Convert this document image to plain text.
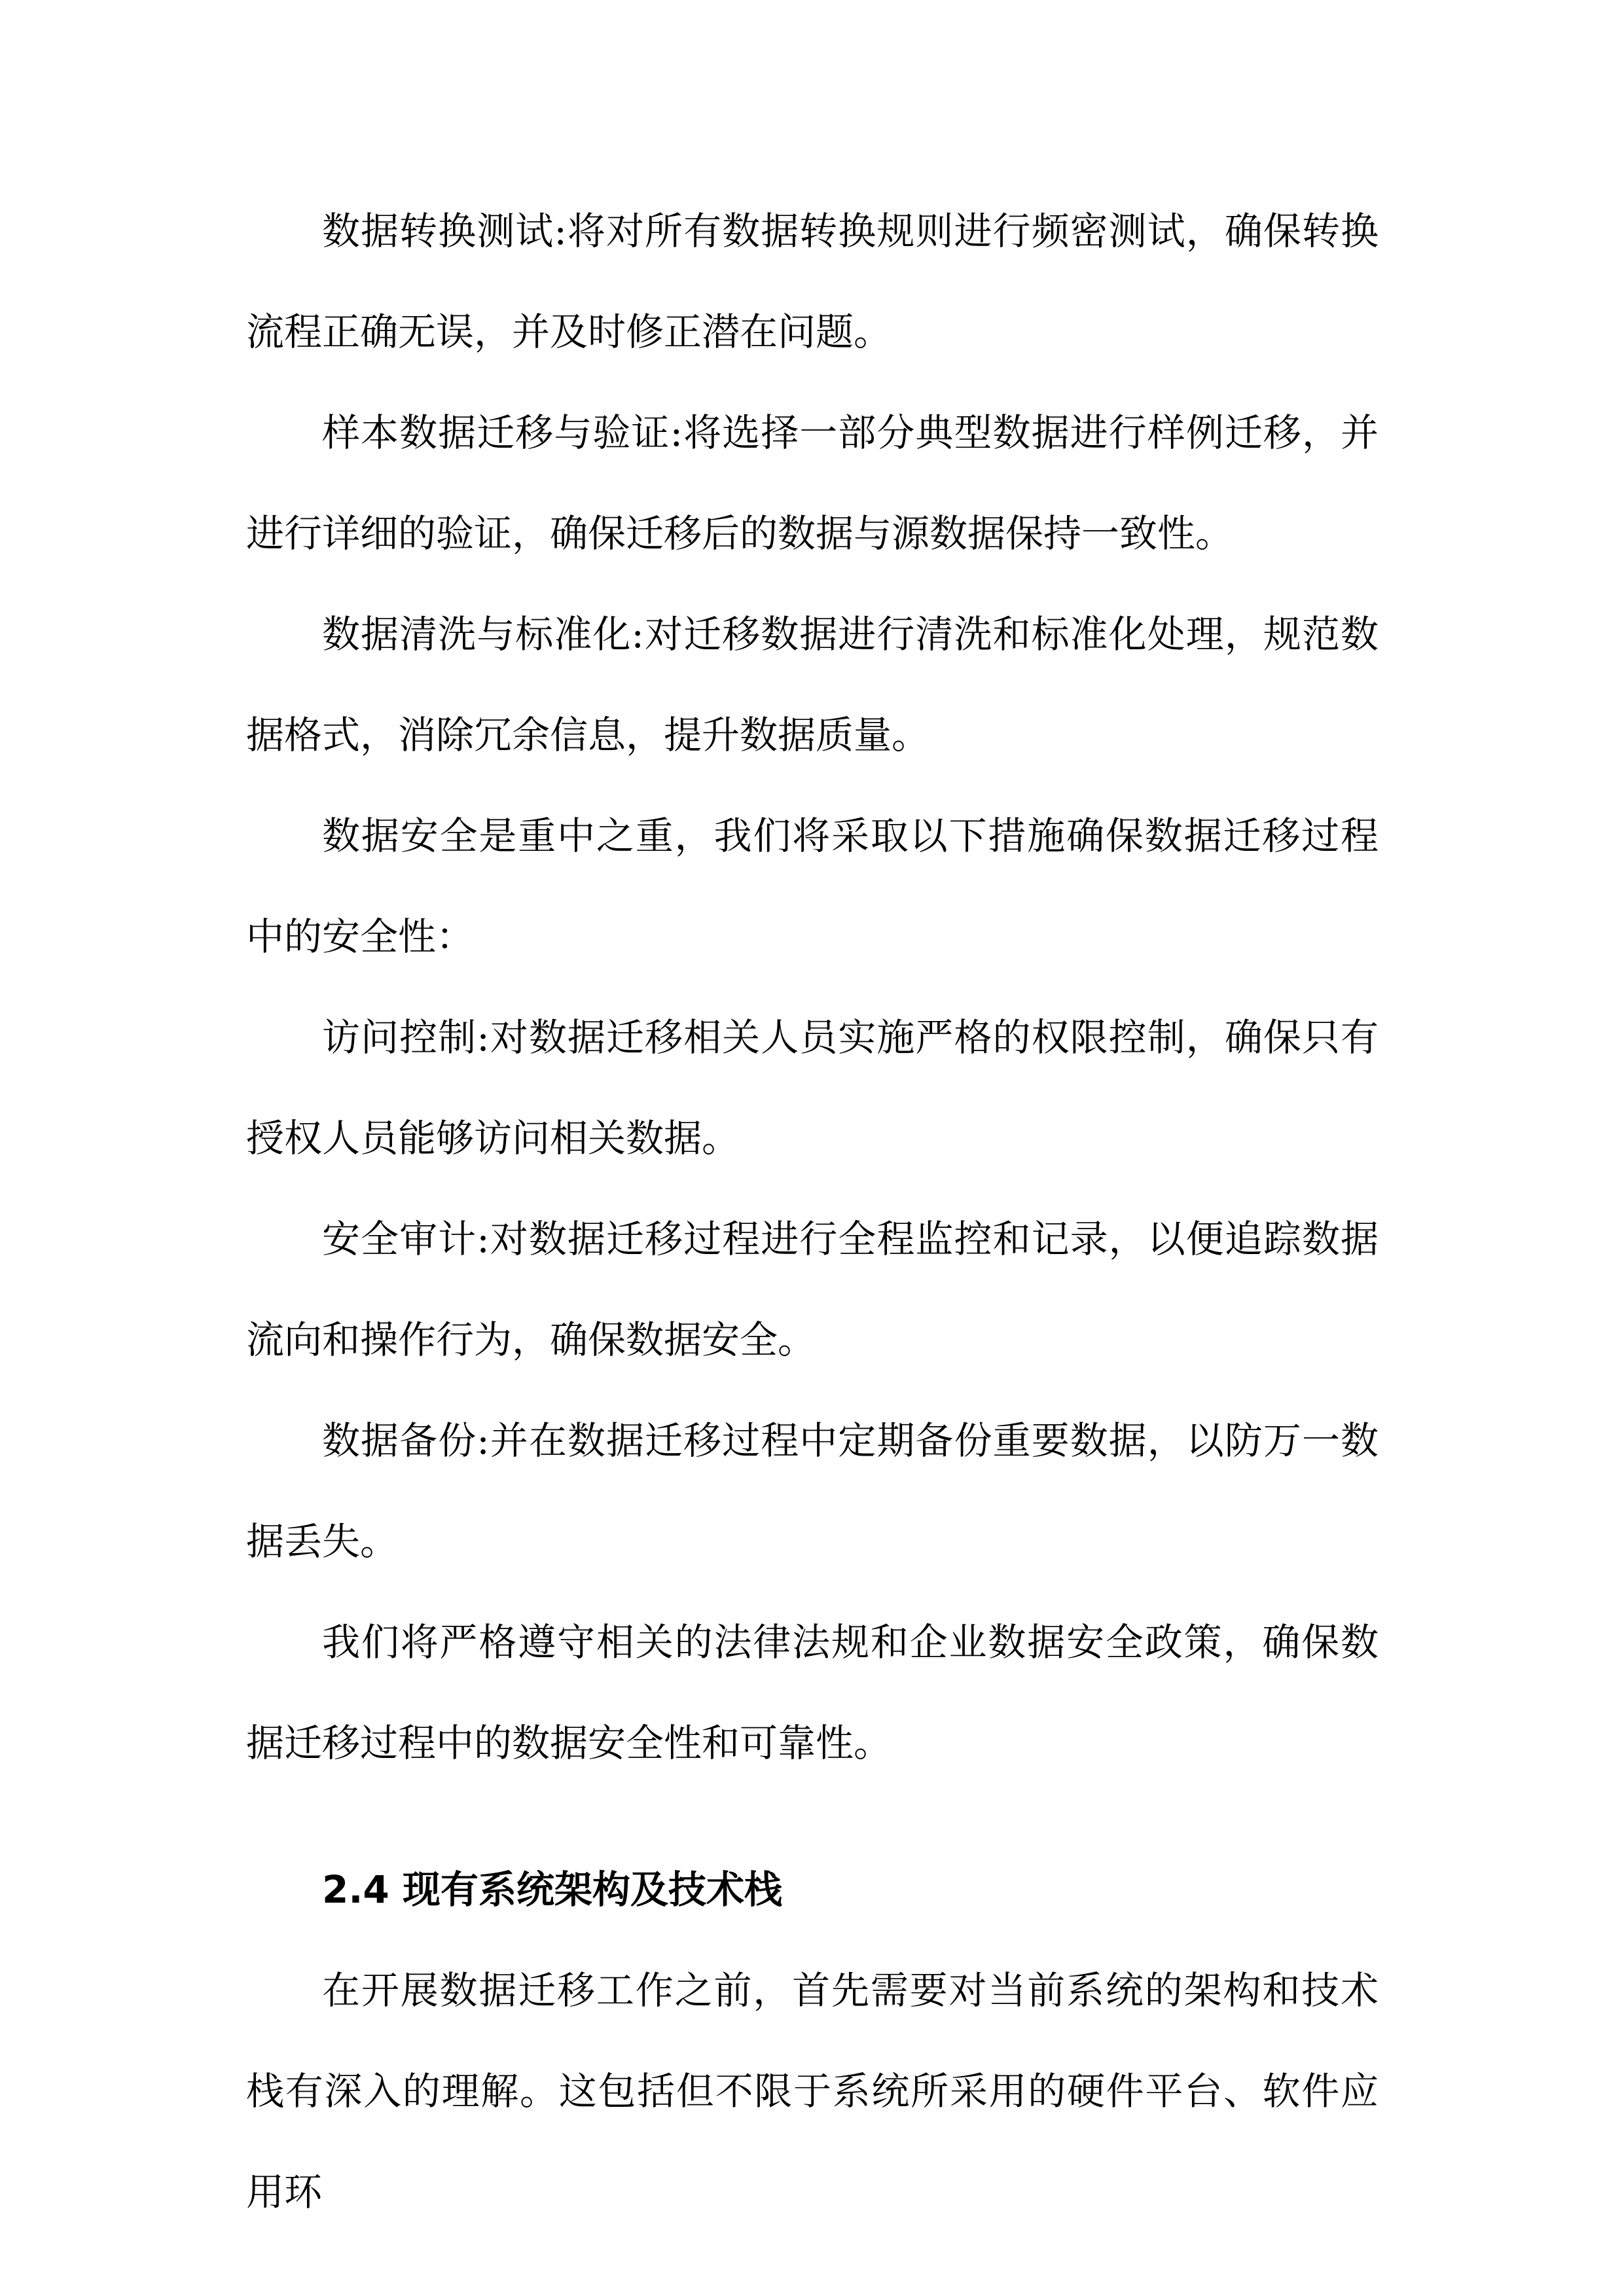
数据转换测试:将对所有数据转换规则进行频密测试，确保转换流程正确无误，并及时修正潜在问题。

样本数据迁移与验证:将选择一部分典型数据进行样例迁移，并进行详细的验证，确保迁移后的数据与源数据保持一致性。

数据清洗与标准化:对迁移数据进行清洗和标准化处理，规范数据格式，消除冗余信息，提升数据质量。

数据安全是重中之重，我们将采取以下措施确保数据迁移过程中的安全性：

访问控制:对数据迁移相关人员实施严格的权限控制，确保只有授权人员能够访问相关数据。

安全审计:对数据迁移过程进行全程监控和记录，以便追踪数据流向和操作行为，确保数据安全。

数据备份:并在数据迁移过程中定期备份重要数据，以防万一数据丢失。

我们将严格遵守相关的法律法规和企业数据安全政策，确保数据迁移过程中的数据安全性和可靠性。

2.4 现有系统架构及技术栈

在开展数据迁移工作之前，首先需要对当前系统的架构和技术栈有深入的理解。这包括但不限于系统所采用的硬件平台、软件应用环
